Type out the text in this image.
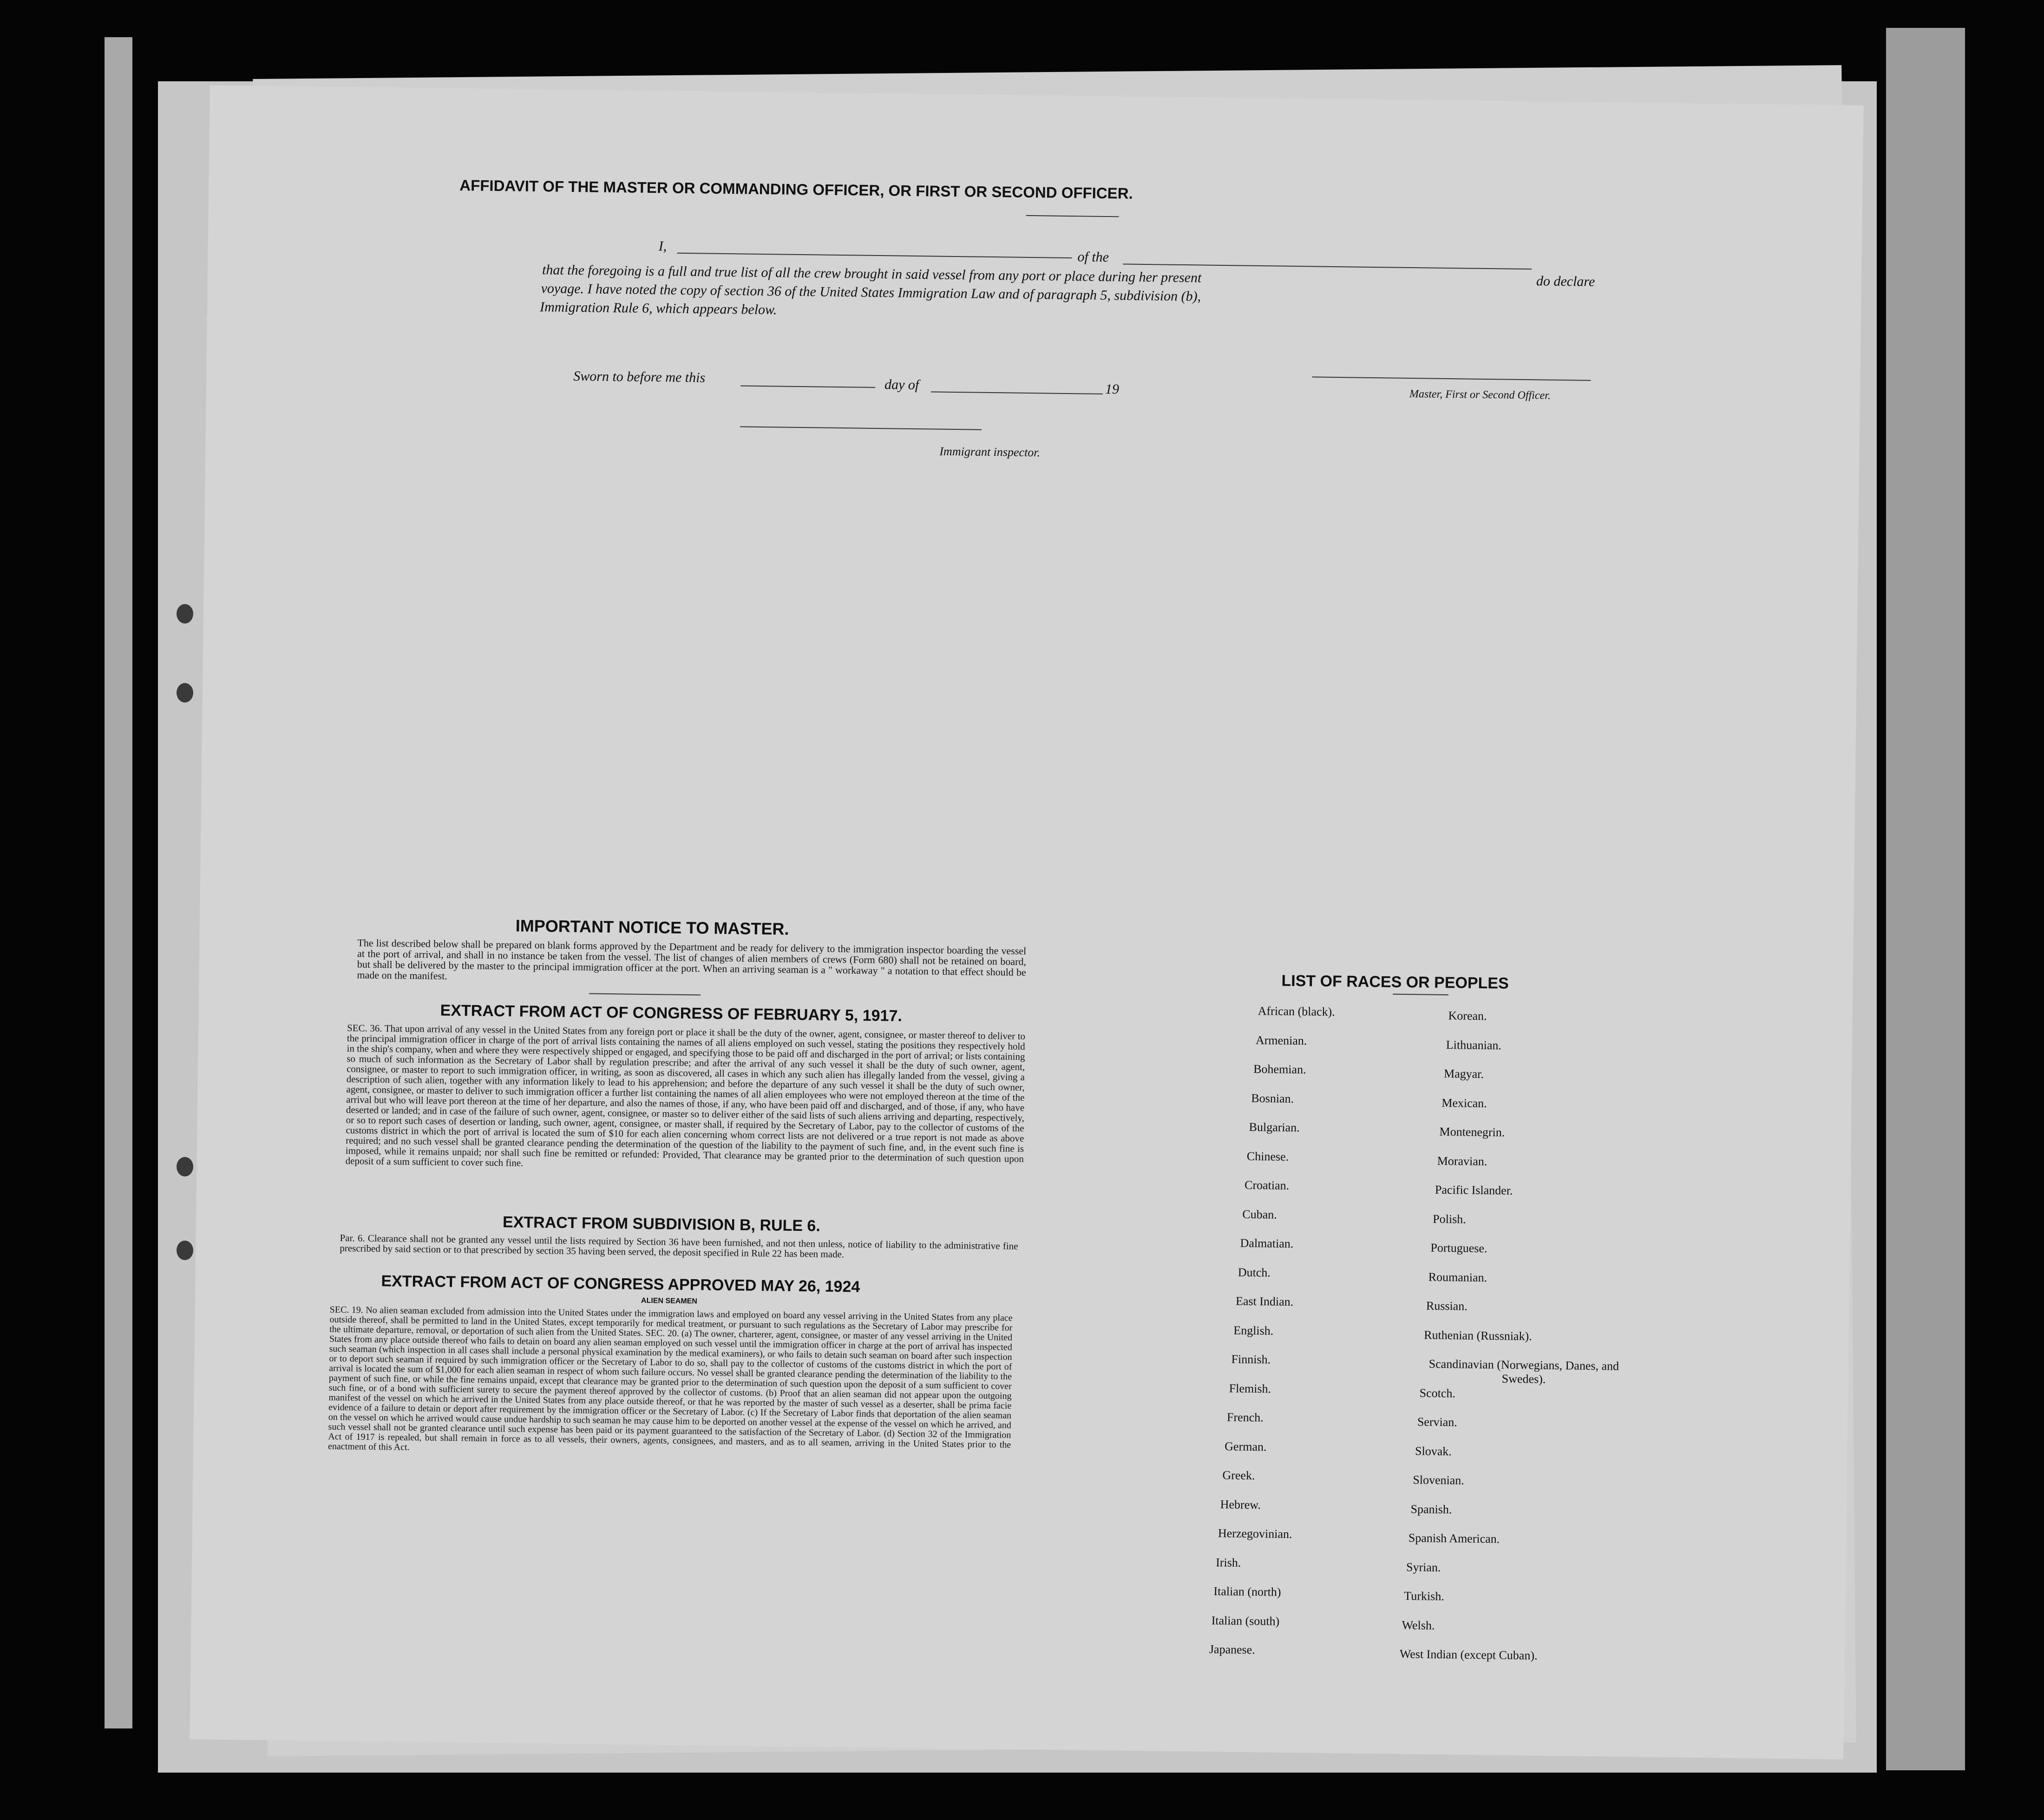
AFFIDAVIT OF THE MASTER OR COMMANDING OFFICER, OR FIRST OR SECOND OFFICER.
I,
of the
do declare
that the foregoing is a full and true list of all the crew brought in said vessel from any port or place during her present
voyage. I have noted the copy of section 36 of the United States Immigration Law and of paragraph 5, subdivision (b),
Immigration Rule 6, which appears below.
Master, First or Second Officer.
Sworn to before me this	day of	19
Immigrant inspector.
IMPORTANT NOTICE TO MASTER.
The list described below shall be prepared on blank forms approved by the Department and be ready for delivery to the immigration inspector boarding the vessel at the port of arrival, and shall in no instance be taken from the vessel. The list of changes of alien members of crews (Form 680) shall not be retained on board, but shall be delivered by the master to the principal immigration officer at the port. When an arriving seaman is a " workaway " a notation to that effect should be made on the manifest.
EXTRACT FROM ACT OF CONGRESS OF FEBRUARY 5, 1917.
SEC. 36. That upon arrival of any vessel in the United States from any foreign port or place it shall be the duty of the owner, agent, consignee, or master thereof to deliver to the principal immigration officer in charge of the port of arrival lists containing the names of all aliens employed on such vessel, stating the positions they respectively hold in the ship's company, when and where they were respectively shipped or engaged, and specifying those to be paid off and discharged in the port of arrival; or lists containing so much of such information as the Secretary of Labor shall by regulation prescribe; and after the arrival of any such vessel it shall be the duty of such owner, agent, consignee, or master to report to such immigration officer, in writing, as soon as discovered, all cases in which any such alien has illegally landed from the vessel, giving a description of such alien, together with any information likely to lead to his apprehension; and before the departure of any such vessel it shall be the duty of such owner, agent, consignee, or master to deliver to such immigration officer a further list containing the names of all alien employees who were not employed thereon at the time of the arrival but who will leave port thereon at the time of her departure, and also the names of those, if any, who have been paid off and discharged, and of those, if any, who have deserted or landed; and in case of the failure of such owner, agent, consignee, or master so to deliver either of the said lists of such aliens arriving and departing, respectively, or so to report such cases of desertion or landing, such owner, agent, consignee, or master shall, if required by the Secretary of Labor, pay to the collector of customs of the customs district in which the port of arrival is located the sum of $10 for each alien concerning whom correct lists are not delivered or a true report is not made as above required; and no such vessel shall be granted clearance pending the determination of the question of the liability to the payment of such fine, and, in the event such fine is imposed, while it remains unpaid; nor shall such fine be remitted or refunded: Provided, That clearance may be granted prior to the determination of such question upon deposit of a sum sufficient to cover such fine.
EXTRACT FROM SUBDIVISION B, RULE 6.
Par. 6. Clearance shall not be granted any vessel until the lists required by Section 36 have been furnished, and not then unless, notice of liability to the administrative fine prescribed by said section or to that prescribed by section 35 having been served, the deposit specified in Rule 22 has been made.
EXTRACT FROM ACT OF CONGRESS APPROVED MAY 26, 1924
ALIEN SEAMEN
SEC. 19. No alien seaman excluded from admission into the United States under the immigration laws and employed on board any vessel arriving in the United States from any place outside thereof, shall be permitted to land in the United States, except temporarily for medical treatment, or pursuant to such regulations as the Secretary of Labor may prescribe for the ultimate departure, removal, or deportation of such alien from the United States. SEC. 20. (a) The owner, charterer, agent, consignee, or master of any vessel arriving in the United States from any place outside thereof who fails to detain on board any alien seaman employed on such vessel until the immigration officer in charge at the port of arrival has inspected such seaman (which inspection in all cases shall include a personal physical examination by the medical examiners), or who fails to detain such seaman on board after such inspection or to deport such seaman if required by such immigration officer or the Secretary of Labor to do so, shall pay to the collector of customs of the customs district in which the port of arrival is located the sum of $1,000 for each alien seaman in respect of whom such failure occurs. No vessel shall be granted clearance pending the determination of the liability to the payment of such fine, or while the fine remains unpaid, except that clearance may be granted prior to the determination of such question upon the deposit of a sum sufficient to cover such fine, or of a bond with sufficient surety to secure the payment thereof approved by the collector of customs. (b) Proof that an alien seaman did not appear upon the outgoing manifest of the vessel on which he arrived in the United States from any place outside thereof, or that he was reported by the master of such vessel as a deserter, shall be prima facie evidence of a failure to detain or deport after requirement by the immigration officer or the Secretary of Labor. (c) If the Secretary of Labor finds that deportation of the alien seaman on the vessel on which he arrived would cause undue hardship to such seaman he may cause him to be deported on another vessel at the expense of the vessel on which he arrived, and such vessel shall not be granted clearance until such expense has been paid or its payment guaranteed to the satisfaction of the Secretary of Labor. (d) Section 32 of the Immigration Act of 1917 is repealed, but shall remain in force as to all vessels, their owners, agents, consignees, and masters, and as to all seamen, arriving in the United States prior to the enactment of this Act.
LIST OF RACES OR PEOPLES
African (black).
Armenian.
Bohemian.
Bosnian.
Bulgarian.
Chinese.
Croatian.
Cuban.
Dalmatian.
Dutch.
East Indian.
English.
Finnish.
Flemish.
French.
German.
Greek.
Hebrew.
Herzegovinian.
Irish.
Italian (north)
Italian (south)
Japanese.
Korean.
Lithuanian.
Magyar.
Mexican.
Montenegrin.
Moravian.
Pacific Islander.
Polish.
Portuguese.
Roumanian.
Russian.
Ruthenian (Russniak).
Scandinavian (Norwegians, Danes, and Swedes).
Scotch.
Servian.
Slovak.
Slovenian.
Spanish.
Spanish American.
Syrian.
Turkish.
Welsh.
West Indian (except Cuban).
